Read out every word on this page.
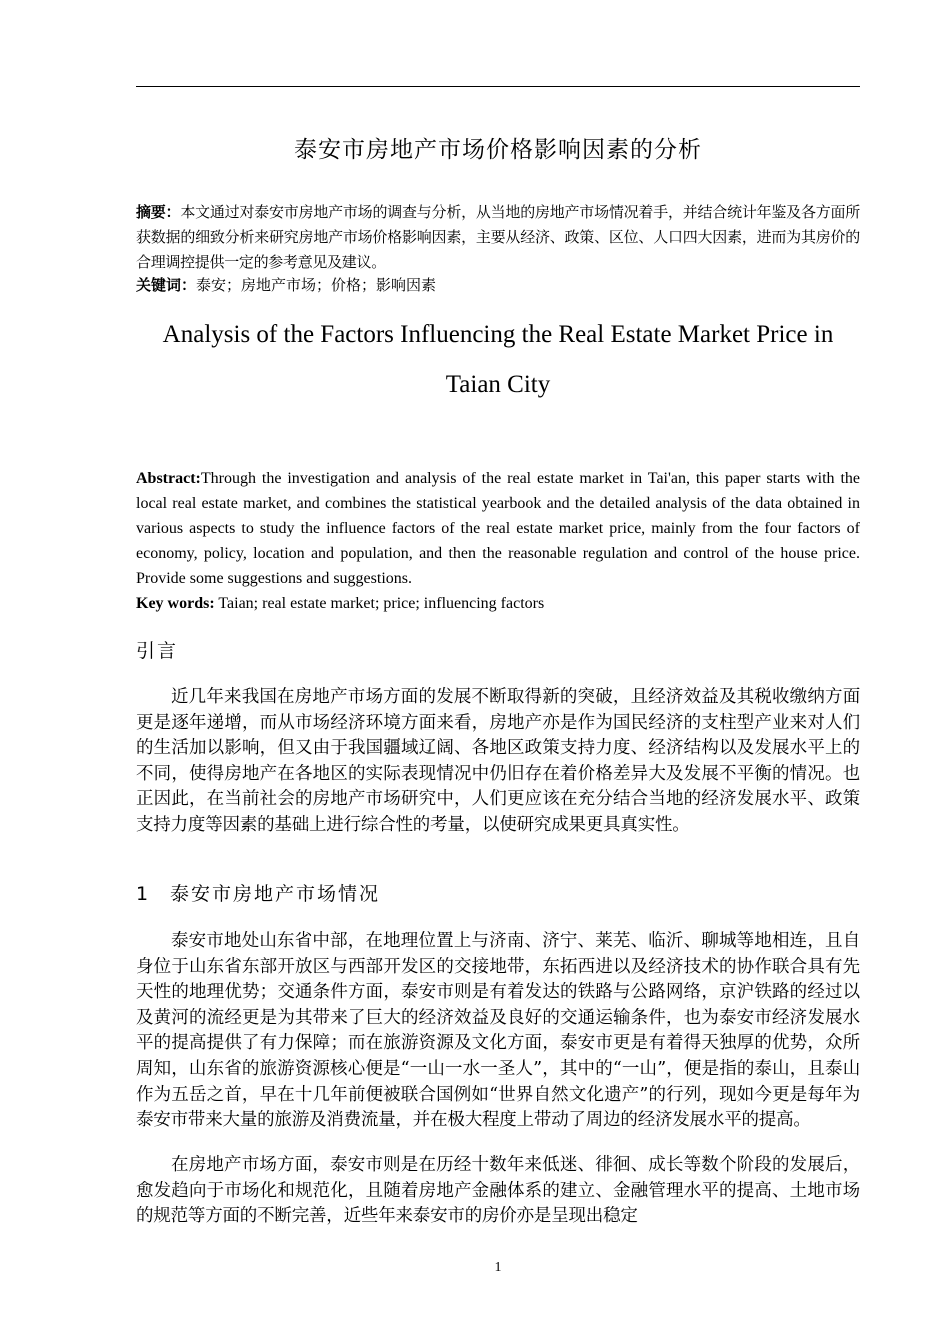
泰安市房地产市场价格影响因素的分析
摘要：本文通过对泰安市房地产市场的调查与分析，从当地的房地产市场情况着手，并结合统计年鉴及各方面所获数据的细致分析来研究房地产市场价格影响因素，主要从经济、政策、区位、人口四大因素，进而为其房价的合理调控提供一定的参考意见及建议。
关键词：泰安；房地产市场；价格；影响因素
Analysis of the Factors Influencing the Real Estate Market Price in Taian City
Abstract:Through the investigation and analysis of the real estate market in Tai'an, this paper starts with the local real estate market, and combines the statistical yearbook and the detailed analysis of the data obtained in various aspects to study the influence factors of the real estate market price, mainly from the four factors of economy, policy, location and population, and then the reasonable regulation and control of the house price. Provide some suggestions and suggestions.
Key words: Taian; real estate market; price; influencing factors
引言

近几年来我国在房地产市场方面的发展不断取得新的突破，且经济效益及其税收缴纳方面更是逐年递增，而从市场经济环境方面来看，房地产亦是作为国民经济的支柱型产业来对人们的生活加以影响，但又由于我国疆域辽阔、各地区政策支持力度、经济结构以及发展水平上的不同，使得房地产在各地区的实际表现情况中仍旧存在着价格差异大及发展不平衡的情况。也正因此，在当前社会的房地产市场研究中，人们更应该在充分结合当地的经济发展水平、政策支持力度等因素的基础上进行综合性的考量，以使研究成果更具真实性。

1 泰安市房地产市场情况

泰安市地处山东省中部，在地理位置上与济南、济宁、莱芜、临沂、聊城等地相连，且自身位于山东省东部开放区与西部开发区的交接地带，东拓西进以及经济技术的协作联合具有先天性的地理优势；交通条件方面，泰安市则是有着发达的铁路与公路网络，京沪铁路的经过以及黄河的流经更是为其带来了巨大的经济效益及良好的交通运输条件，也为泰安市经济发展水平的提高提供了有力保障；而在旅游资源及文化方面，泰安市更是有着得天独厚的优势，众所周知，山东省的旅游资源核心便是“一山一水一圣人”，其中的“一山”，便是指的泰山，且泰山作为五岳之首，早在十几年前便被联合国例如“世界自然文化遗产”的行列，现如今更是每年为泰安市带来大量的旅游及消费流量，并在极大程度上带动了周边的经济发展水平的提高。

在房地产市场方面，泰安市则是在历经十数年来低迷、徘徊、成长等数个阶段的发展后，愈发趋向于市场化和规范化，且随着房地产金融体系的建立、金融管理水平的提高、土地市场的规范等方面的不断完善，近些年来泰安市的房价亦是呈现出稳定

1
